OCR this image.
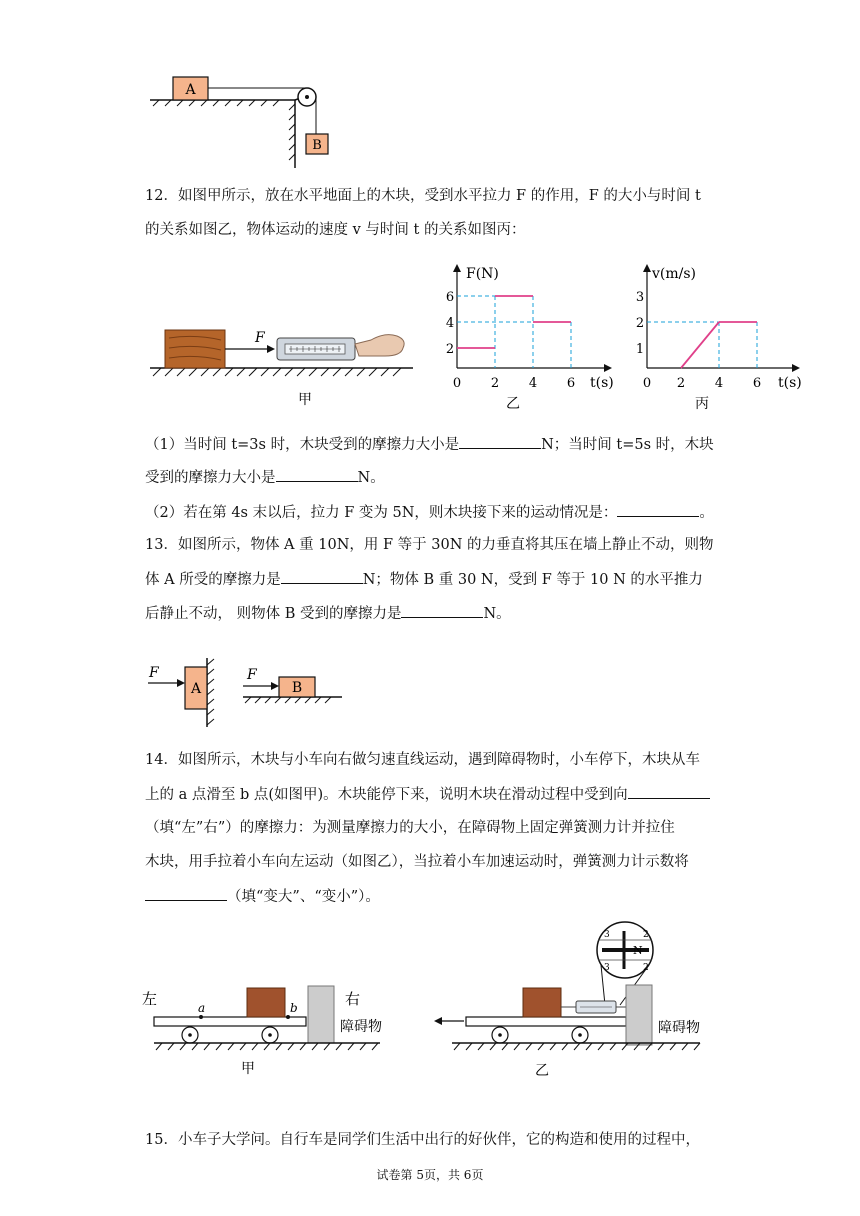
A
B
12．如图甲所示，放在水平地面上的木块，受到水平拉力 F 的作用，F 的大小与时间 t
的关系如图乙，物体运动的速度 v 与时间 t 的关系如图丙：
F
甲
F(N)
t(s)
2
4
6
0 2 4 6
乙
v(m/s)
t(s)
1
2
3
0 2 4 6
丙
（1）当时间 t=3s 时，木块受到的摩擦力大小是	N；当时间 t=5s 时，木块
受到的摩擦力大小是	N。
（2）若在第 4s 末以后，拉力 F 变为 5N，则木块接下来的运动情况是：	。
13．如图所示，物体 A 重 10N，用 F 等于 30N 的力垂直将其压在墙上静止不动，则物
体 A 所受的摩擦力是	N；物体 B 重 30 N，受到 F 等于 10 N 的水平推力
后静止不动， 则物体 B 受到的摩擦力是	N。
A
F
B
F
14．如图所示，木块与小车向右做匀速直线运动，遇到障碍物时，小车停下，木块从车
上的 a 点滑至 b 点(如图甲)。木块能停下来，说明木块在滑动过程中受到向
（填“左”右”）的摩擦力：为测量摩擦力的大小，在障碍物上固定弹簧测力计并拉住
木块，用手拉着小车向左运动（如图乙），当拉着小车加速运动时，弹簧测力计示数将
（填“变大”、“变小”）。
左	右
a	b
障碍物
甲
3
3
2
2
N
障碍物
乙
15．小车子大学问。自行车是同学们生活中出行的好伙伴，它的构造和使用的过程中，
试卷第 5页，共 6页
